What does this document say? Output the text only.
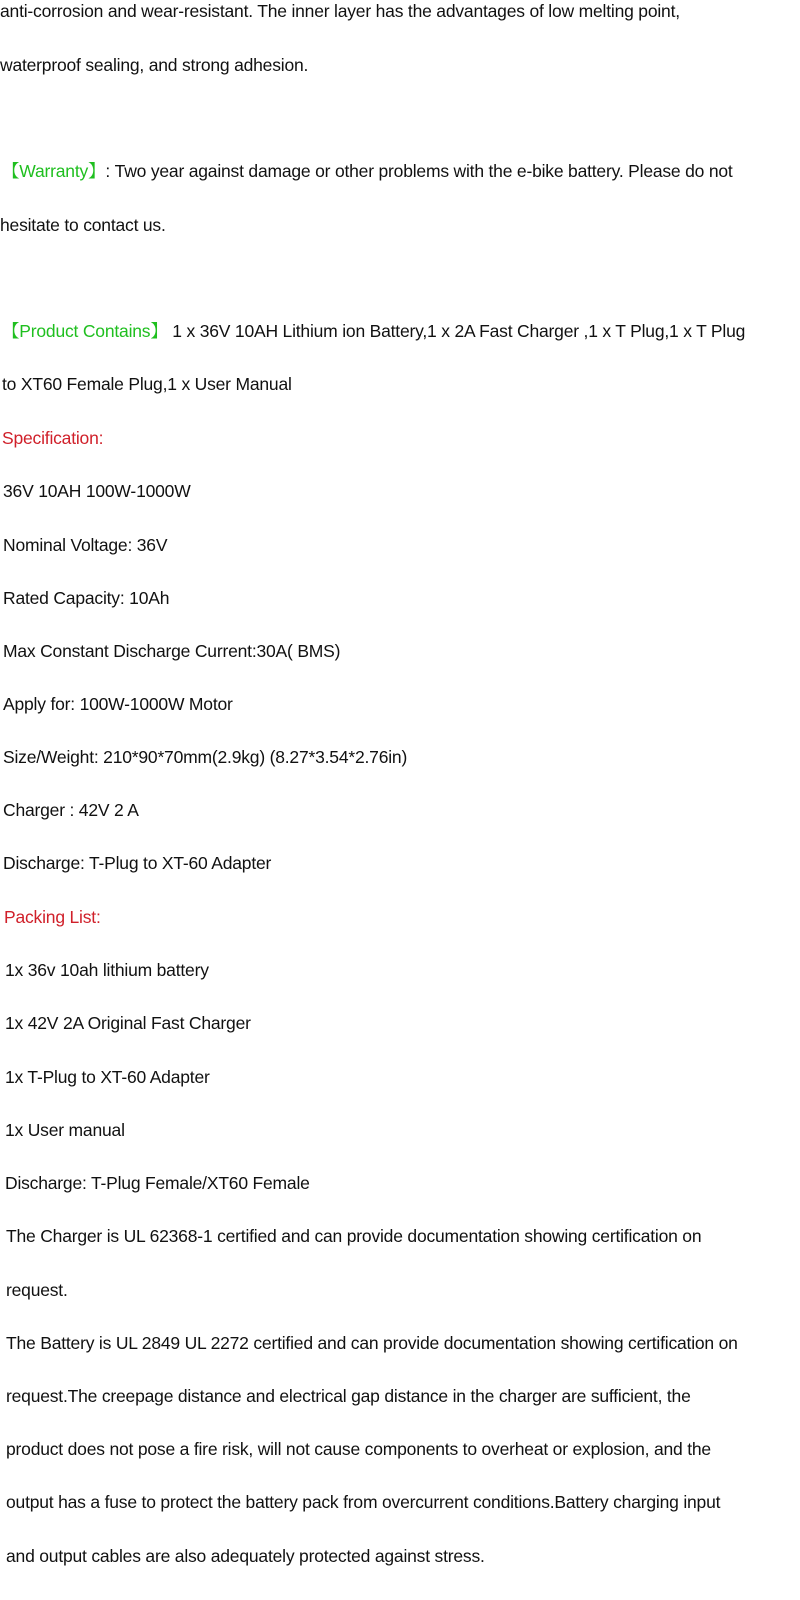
anti-corrosion and wear-resistant. The inner layer has the advantages of low melting point,
waterproof sealing, and strong adhesion.
【Warranty】: Two year against damage or other problems with the e-bike battery. Please do not
hesitate to contact us.
【Product Contains】 1 x 36V 10AH Lithium ion Battery,1 x 2A Fast Charger ,1 x T Plug,1 x T Plug
to XT60 Female Plug,1 x User Manual
Specification:
36V 10AH 100W-1000W
Nominal Voltage: 36V
Rated Capacity: 10Ah
Max Constant Discharge Current:30A( BMS)
Apply for: 100W-1000W Motor
Size/Weight: 210*90*70mm(2.9kg) (8.27*3.54*2.76in)
Charger : 42V 2 A
Discharge: T-Plug to XT-60 Adapter
Packing List:
1x 36v 10ah lithium battery
1x 42V 2A Original Fast Charger
1x T-Plug to XT-60 Adapter
1x User manual
Discharge: T-Plug Female/XT60 Female
The Charger is UL 62368-1 certified and can provide documentation showing certification on
request.
The Battery is UL 2849 UL 2272 certified and can provide documentation showing certification on
request.The creepage distance and electrical gap distance in the charger are sufficient, the
product does not pose a fire risk, will not cause components to overheat or explosion, and the
output has a fuse to protect the battery pack from overcurrent conditions.Battery charging input
and output cables are also adequately protected against stress.
